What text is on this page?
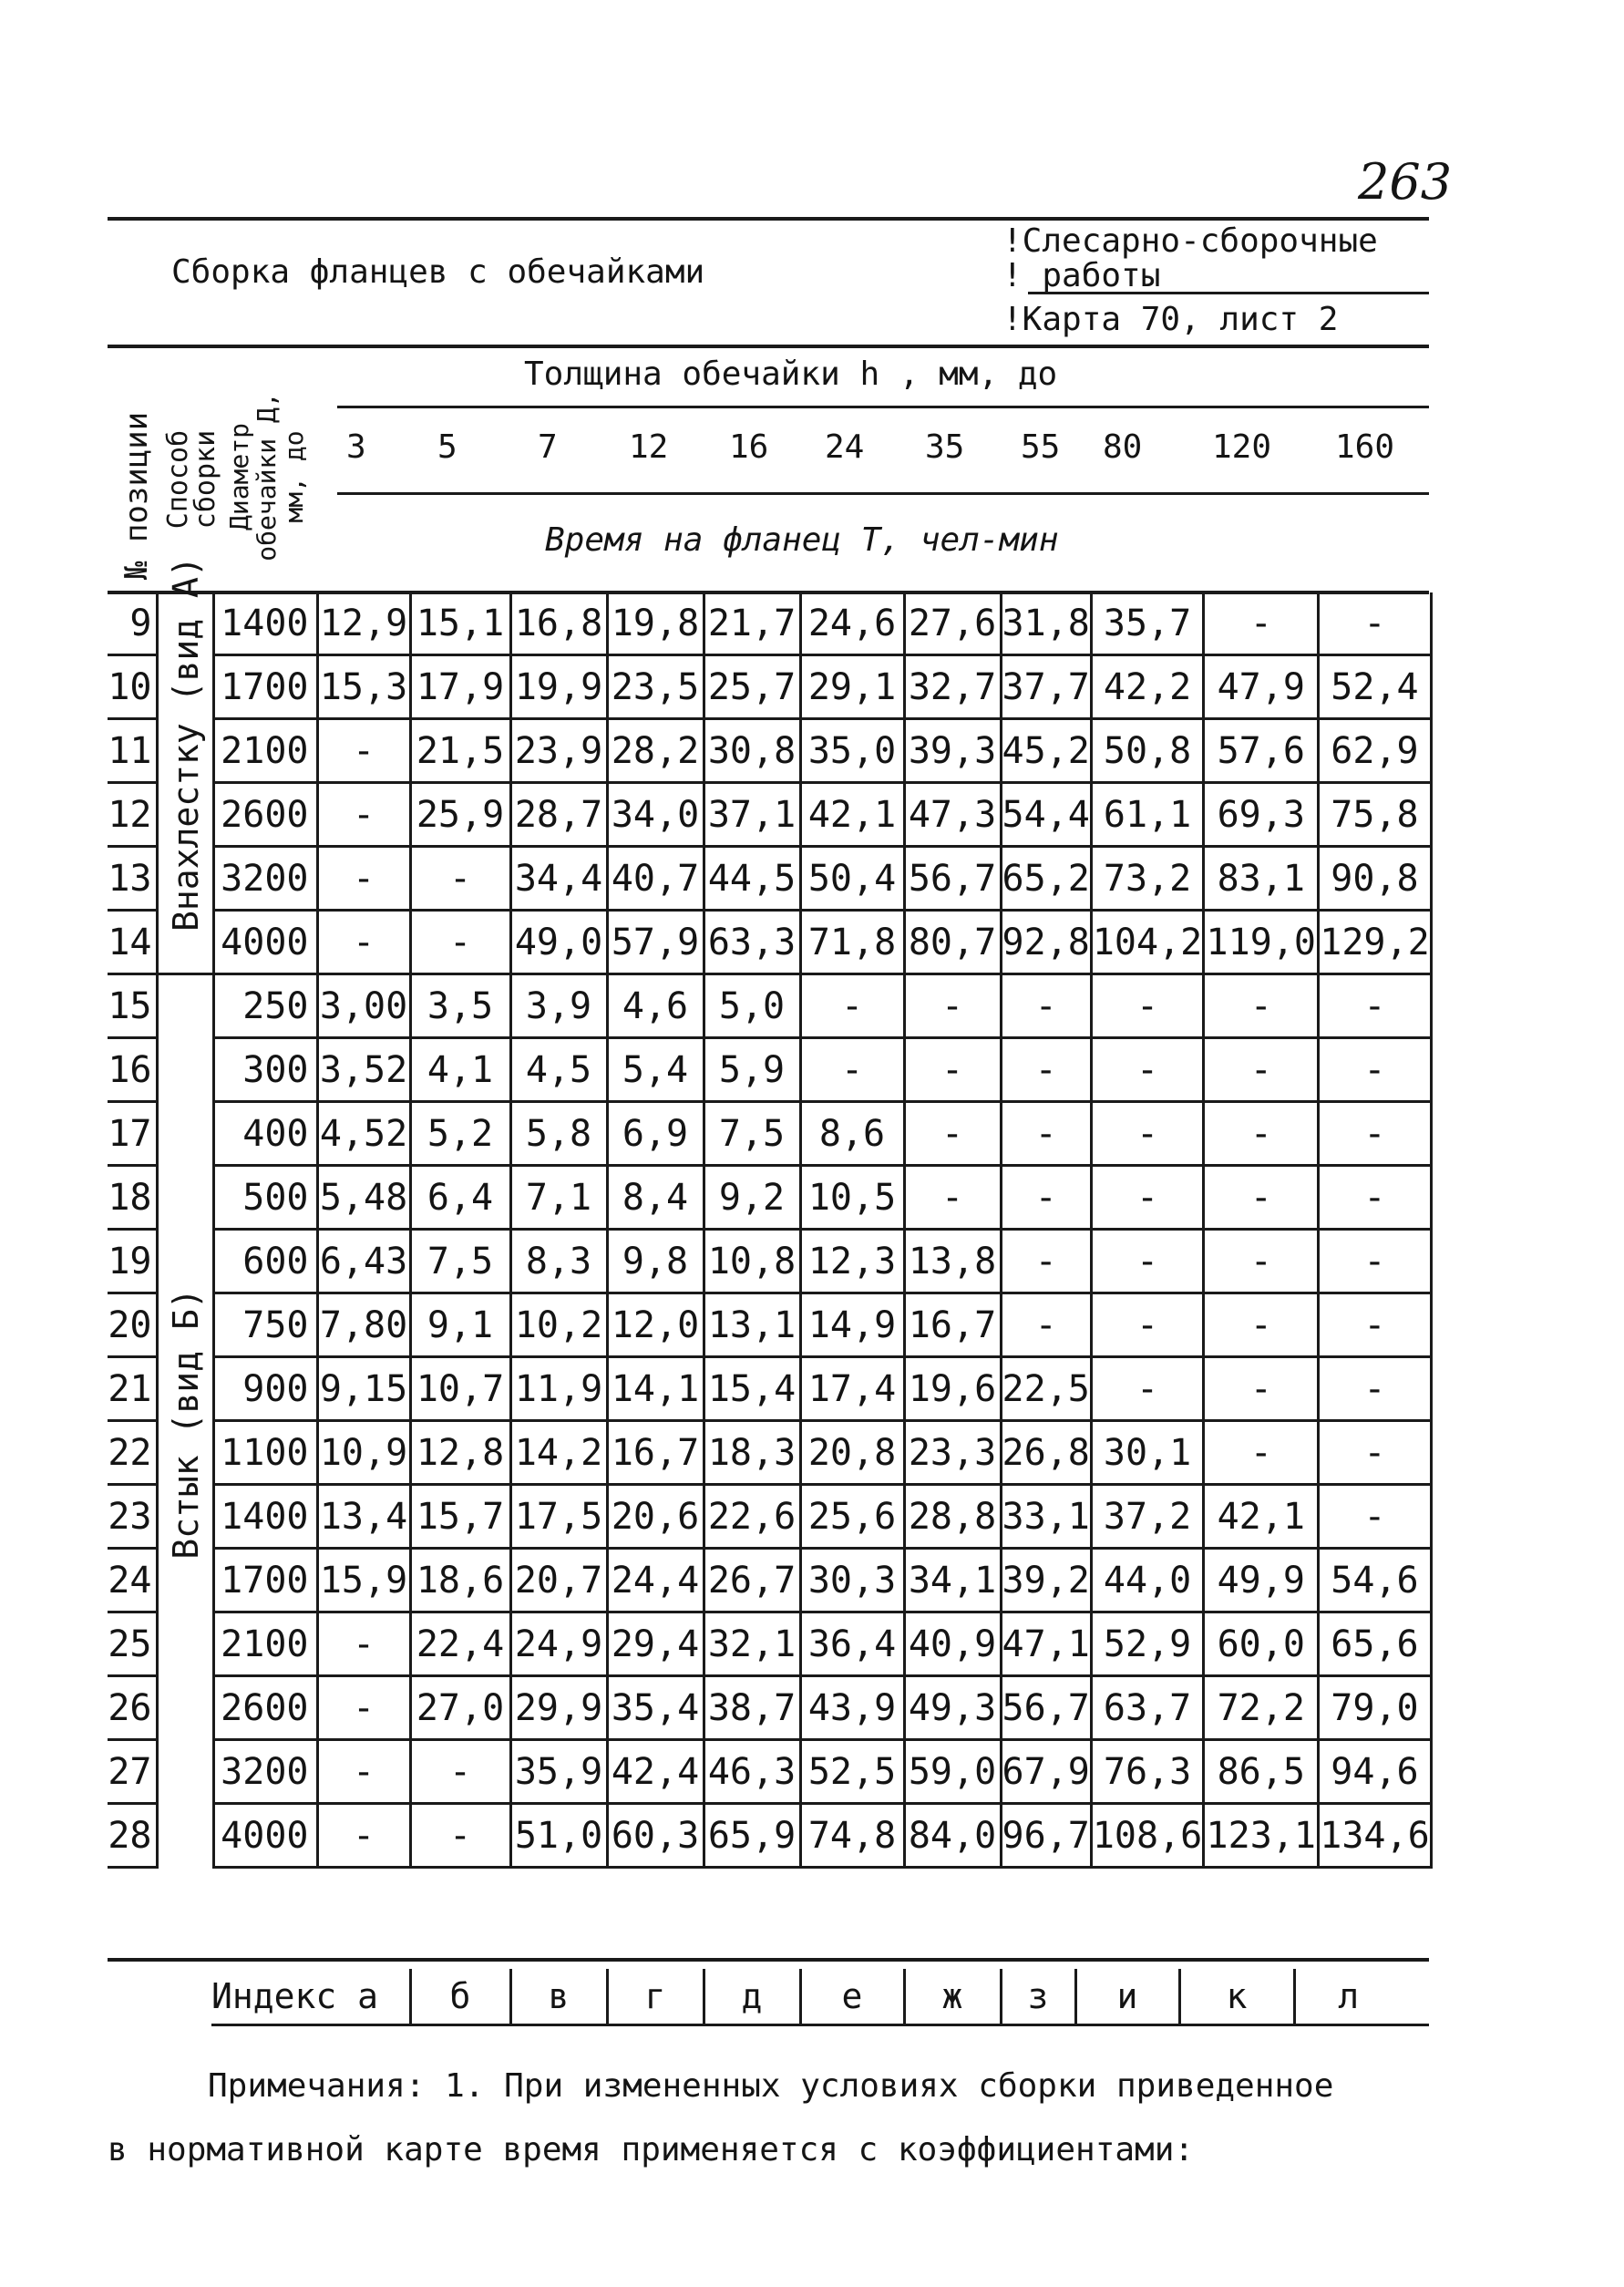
263
Сборка фланцев с обечайками
!Слесарно-сборочные
! работы
!Карта 70, лист 2
№ позиции Способ сборки Диаметр обечайки Д, мм, до
Толщина обечайки h , мм, до
3 5 7 12 16 24 35 55 80 120 160
Время на фланец Т, чел-мин
9	Внахлестку (вид А)	1400	12,9	15,1	16,8	19,8	21,7	24,6	27,6	31,8	35,7	-	-
10		1700	15,3	17,9	19,9	23,5	25,7	29,1	32,7	37,7	42,2	47,9	52,4
11		2100	-	21,5	23,9	28,2	30,8	35,0	39,3	45,2	50,8	57,6	62,9
12		2600	-	25,9	28,7	34,0	37,1	42,1	47,3	54,4	61,1	69,3	75,8
13		3200	-	-	34,4	40,7	44,5	50,4	56,7	65,2	73,2	83,1	90,8
14		4000	-	-	49,0	57,9	63,3	71,8	80,7	92,8	104,2	119,0	129,2
15	Встык (вид Б)	250	3,00	3,5	3,9	4,6	5,0	-	-	-	-	-	-
16		300	3,52	4,1	4,5	5,4	5,9	-	-	-	-	-	-
17		400	4,52	5,2	5,8	6,9	7,5	8,6	-	-	-	-	-
18		500	5,48	6,4	7,1	8,4	9,2	10,5	-	-	-	-	-
19		600	6,43	7,5	8,3	9,8	10,8	12,3	13,8	-	-	-	-
20		750	7,80	9,1	10,2	12,0	13,1	14,9	16,7	-	-	-	-
21		900	9,15	10,7	11,9	14,1	15,4	17,4	19,6	22,5	-	-	-
22		1100	10,9	12,8	14,2	16,7	18,3	20,8	23,3	26,8	30,1	-	-
23		1400	13,4	15,7	17,5	20,6	22,6	25,6	28,8	33,1	37,2	42,1	-
24		1700	15,9	18,6	20,7	24,4	26,7	30,3	34,1	39,2	44,0	49,9	54,6
25		2100	-	22,4	24,9	29,4	32,1	36,4	40,9	47,1	52,9	60,0	65,6
26		2600	-	27,0	29,9	35,4	38,7	43,9	49,3	56,7	63,7	72,2	79,0
27		3200	-	-	35,9	42,4	46,3	52,5	59,0	67,9	76,3	86,5	94,6
28		4000	-	-	51,0	60,3	65,9	74,8	84,0	96,7	108,6	123,1	134,6
Индекс а	б	в	г	д	е	ж	з	и	к	л
Примечания: 1. При измененных условиях сборки приведенное
в нормативной карте время применяется с коэффициентами:
